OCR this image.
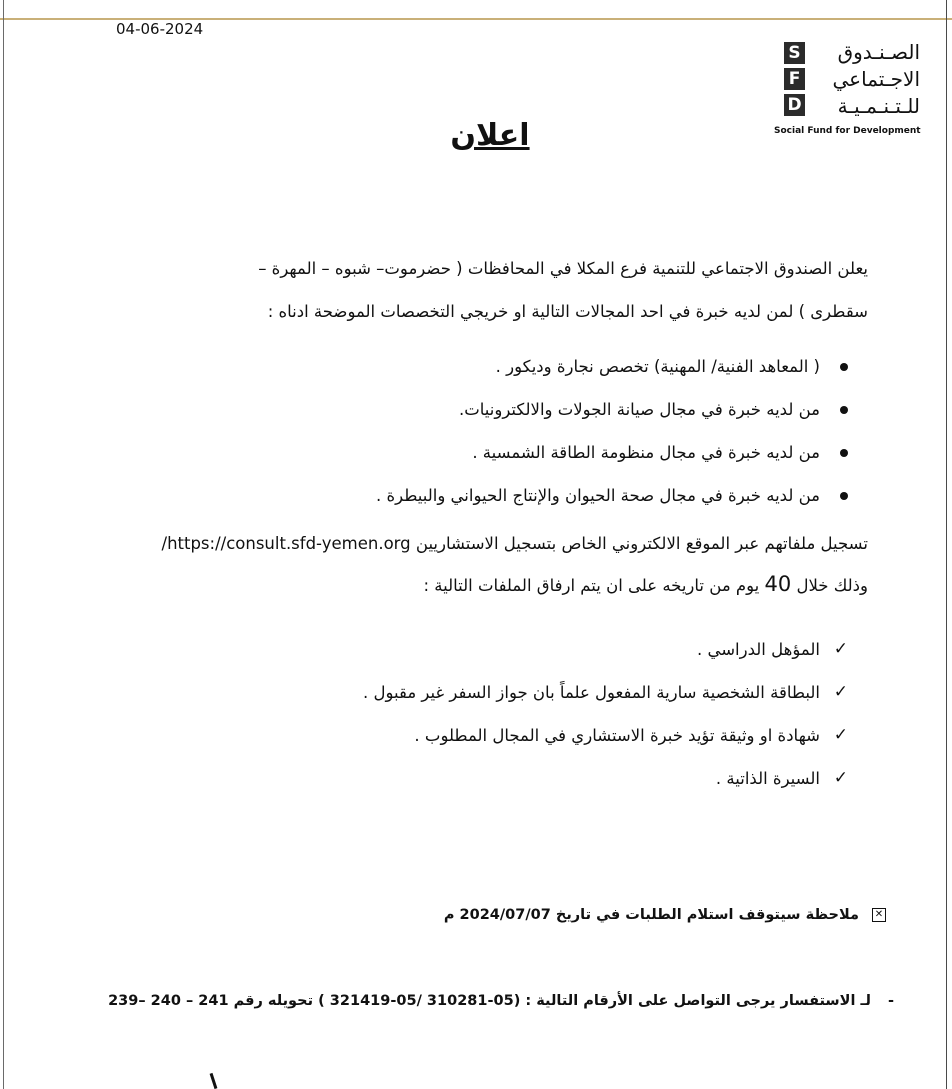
04-06-2024
S
F
D
الصـنـدوق
الاجـتماعي
للـتـنـمـيـة
Social Fund for Development
اعلان
يعلن الصندوق الاجتماعي للتنمية فرع المكلا في المحافظات ( حضرموت– شبوه – المهرة –
سقطرى ) لمن لديه خبرة في احد المجالات التالية او خريجي التخصصات الموضحة ادناه :
( المعاهد الفنية/ المهنية) تخصص نجارة وديكور .
من لديه خبرة في مجال صيانة الجولات والالكترونيات.
من لديه خبرة في مجال منظومة الطاقة الشمسية .
من لديه خبرة في مجال صحة الحيوان والإنتاج الحيواني والبيطرة .
تسجيل ملفاتهم عبر الموقع الالكتروني الخاص بتسجيل الاستشاريين https://consult.sfd-yemen.org/
وذلك خلال 40 يوم من تاريخه على ان يتم ارفاق الملفات التالية :
✓
المؤهل الدراسي .
✓
البطاقة الشخصية سارية المفعول علماً بان جواز السفر غير مقبول .
✓
شهادة او وثيقة تؤيد خبرة الاستشاري في المجال المطلوب .
✓
السيرة الذاتية .
✕ ملاحظة سيتوقف استلام الطلبات في تاريخ 2024/07/07 م
- لـ الاستفسار يرجى التواصل على الأرقام التالية : (05-310281 /05-321419 ) تحويله رقم 241 – 240 –239
